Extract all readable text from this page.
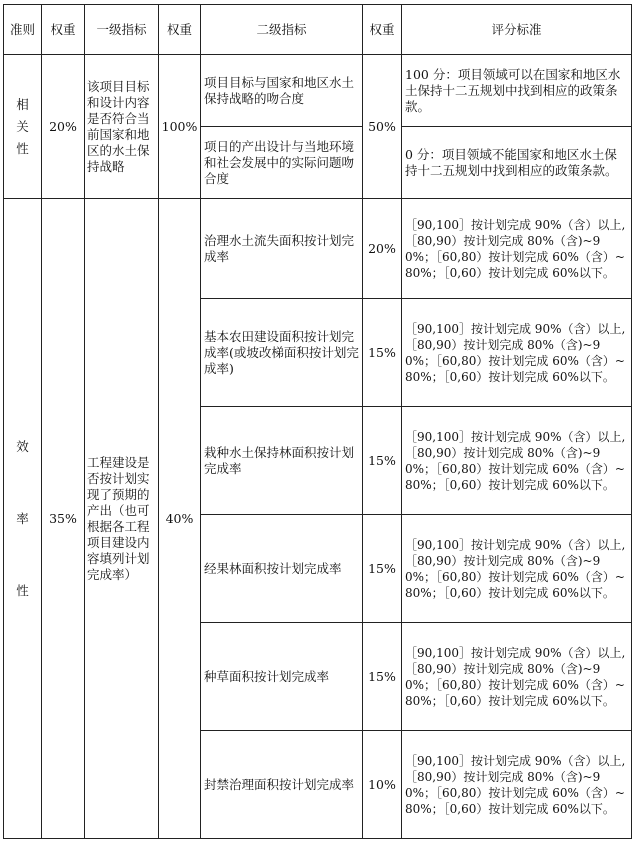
准则	权重	一级指标	权重	二级指标	权重	评分标准
相
关
性	20%	该项目目标和设计内容是否符合当前国家和地区的水土保持战略	100%	项目目标与国家和地区水土保持战略的吻合度	50%	100 分：项目领域可以在国家和地区水土保持十二五规划中找到相应的政策条款。
				项日的产出设计与当地环境和社会发展中的实际问题吻合度		0 分：项目领域不能国家和地区水土保持十二五规划中找到相应的政策条款。

效
率
性	35%	工程建设是否按计划实现了预期的产出（也可根据各工程项目建设内容填列计划完成率）	40%	治理水土流失面积按计划完成率	20%	［90,100］按计划完成 90%（含）以上,［80,90）按计划完成 80%（含)~90%；［60,80）按计划完成 60%（含）~80%；［0,60）按计划完成 60%以下。
				基本农田建设面积按计划完成率(或坡改梯面积按计划完成率)	15%	［90,100］按计划完成 90%（含）以上,［80,90）按计划完成 80%（含)~90%；［60,80）按计划完成 60%（含）~80%；［0,60）按计划完成 60%以下。
				栽种水土保持林面积按计划完成率	15%	［90,100］按计划完成 90%（含）以上,［80,90）按计划完成 80%（含)~90%；［60,80）按计划完成 60%（含）~80%；［0,60）按计划完成 60%以下。
				经果林面积按计划完成率	15%	［90,100］按计划完成 90%（含）以上,［80,90）按计划完成 80%（含)~90%；［60,80）按计划完成 60%（含）~80%；［0,60）按计划完成 60%以下。
				种草面积按计划完成率	15%	［90,100］按计划完成 90%（含）以上,［80,90）按计划完成 80%（含)~90%；［60,80）按计划完成 60%（含）~80%；［0,60）按计划完成 60%以下。
				封禁治理面积按计划完成率	10%	［90,100］按计划完成 90%（含）以上,［80,90）按计划完成 80%（含)~90%；［60,80）按计划完成 60%（含）~80%；［0,60）按计划完成 60%以下。
